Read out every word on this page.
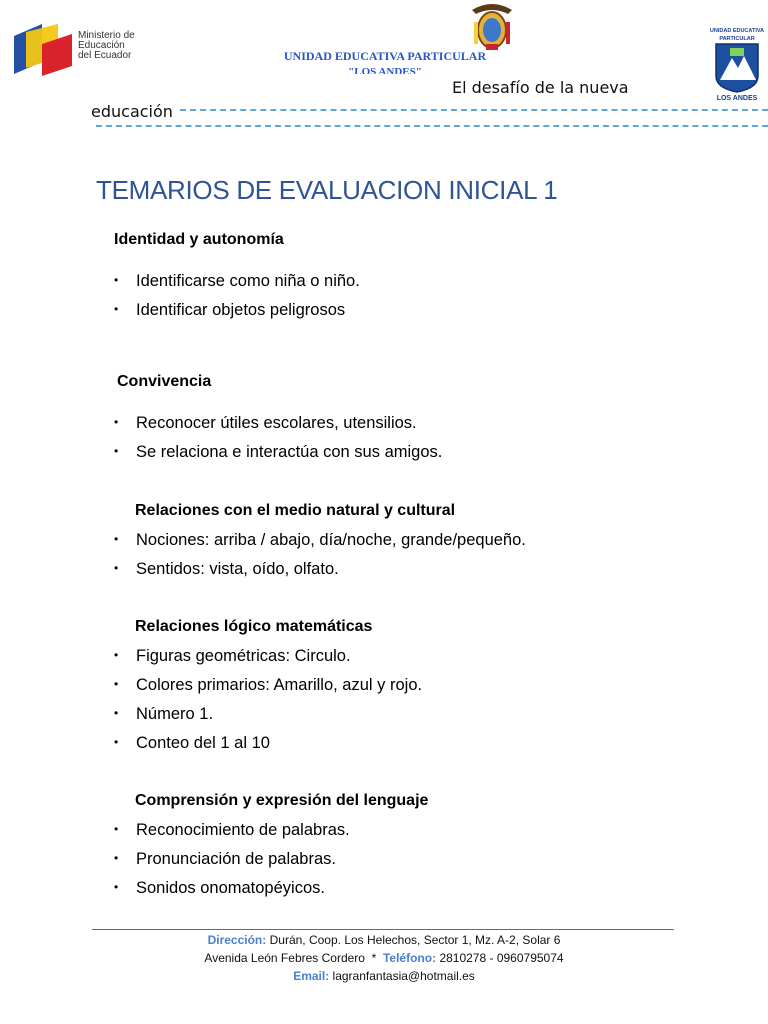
Ministerio de
Educación
del Ecuador	UNIDAD EDUCATIVA PARTICULAR
"LOS ANDES"
El desafío de la nueva
educación
UNIDAD EDUCATIVA
PARTICULAR
LOS ANDES
TEMARIOS DE EVALUACION INICIAL 1
Identidad y autonomía
• Identificarse como niña o niño.
• Identificar objetos peligrosos
Convivencia
• Reconocer útiles escolares, utensilios.
• Se relaciona e interactúa con sus amigos.
Relaciones con el medio natural y cultural
• Nociones: arriba / abajo, día/noche, grande/pequeño.
• Sentidos: vista, oído, olfato.
Relaciones lógico matemáticas
• Figuras geométricas: Circulo.
• Colores primarios: Amarillo, azul y rojo.
• Número 1.
• Conteo del 1 al 10
Comprensión y expresión del lenguaje
• Reconocimiento de palabras.
• Pronunciación de palabras.
• Sonidos onomatopéyicos.
Dirección: Durán, Coop. Los Helechos, Sector 1, Mz. A-2, Solar 6
Avenida León Febres Cordero * Teléfono: 2810278 - 0960795074
Email: lagranfantasia@hotmail.es
